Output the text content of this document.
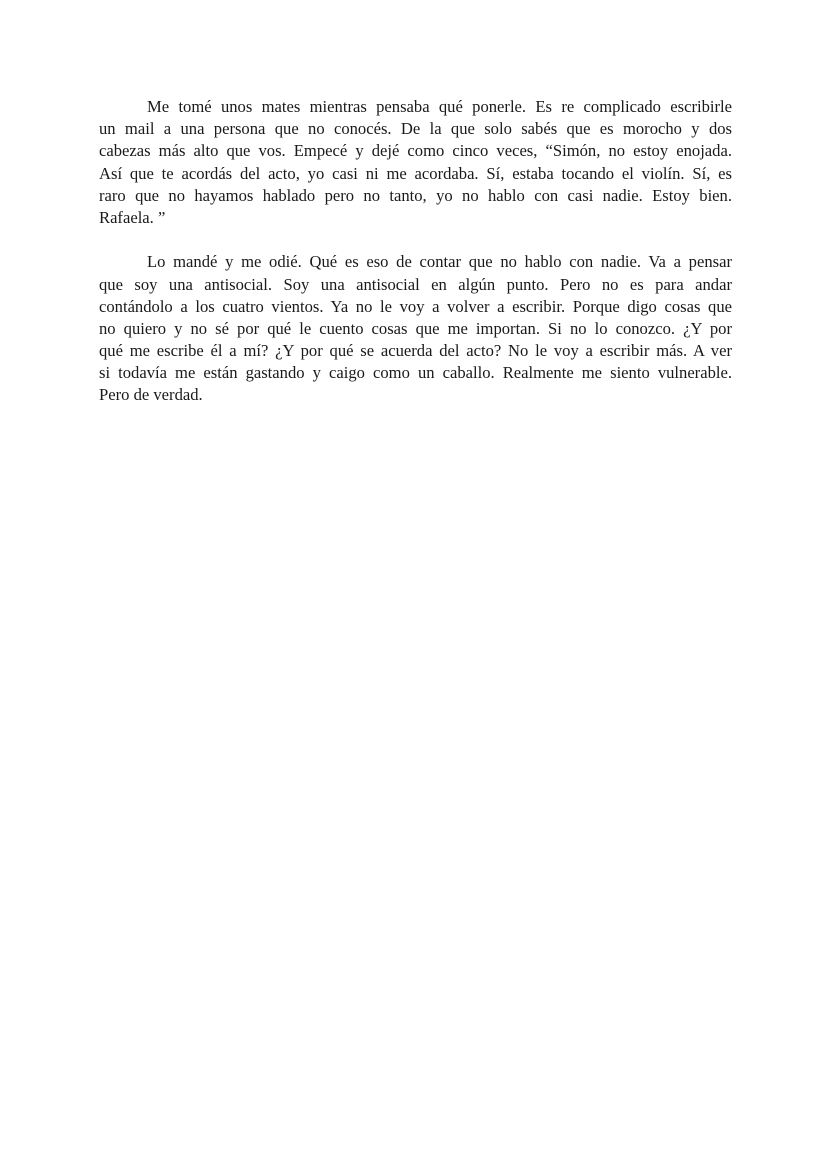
Me tomé unos mates mientras pensaba qué ponerle. Es re complicado escribirle
un mail a una persona que no conocés. De la que solo sabés que es morocho y dos
cabezas más alto que vos. Empecé y dejé como cinco veces, “Simón, no estoy enojada.
Así que te acordás del acto, yo casi ni me acordaba. Sí, estaba tocando el violín. Sí, es
raro que no hayamos hablado pero no tanto, yo no hablo con casi nadie. Estoy bien.
Rafaela. ”
Lo mandé y me odié. Qué es eso de contar que no hablo con nadie. Va a pensar
que soy una antisocial. Soy una antisocial en algún punto. Pero no es para andar
contándolo a los cuatro vientos. Ya no le voy a volver a escribir. Porque digo cosas que
no quiero y no sé por qué le cuento cosas que me importan. Si no lo conozco. ¿Y por
qué me escribe él a mí? ¿Y por qué se acuerda del acto? No le voy a escribir más. A ver
si todavía me están gastando y caigo como un caballo. Realmente me siento vulnerable.
Pero de verdad.
